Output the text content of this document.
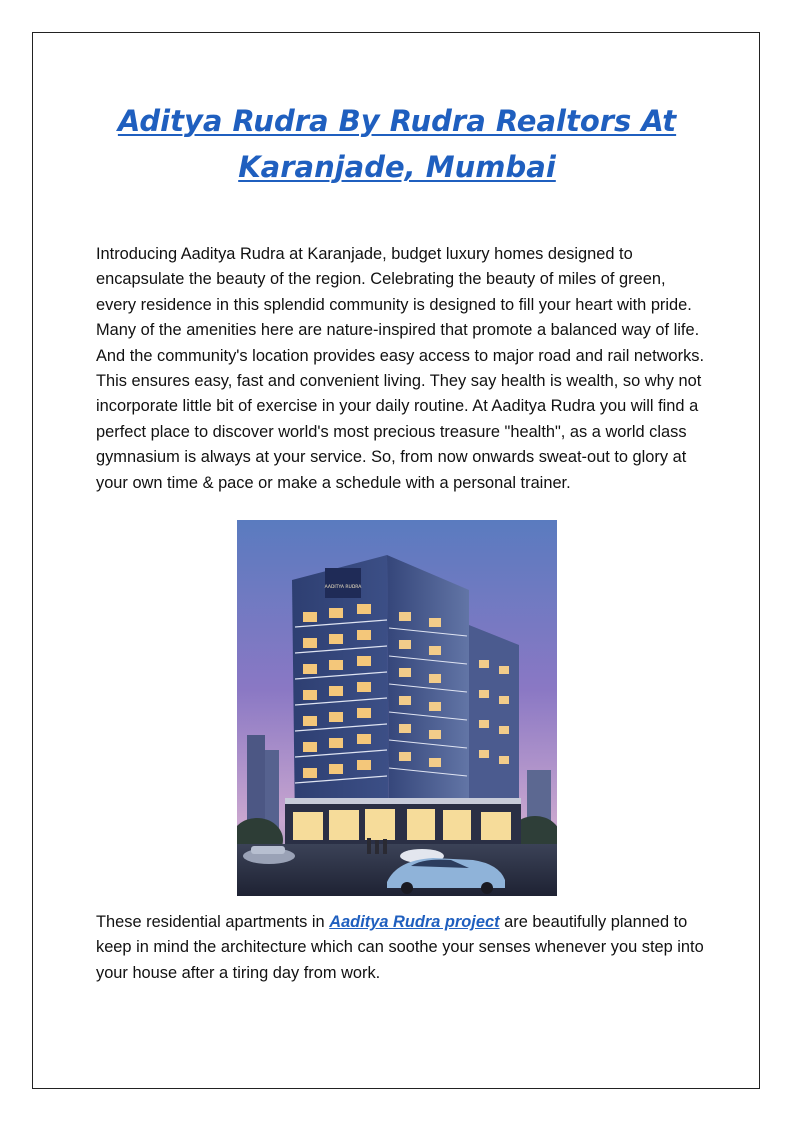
Aditya Rudra By Rudra Realtors At Karanjade, Mumbai

Introducing Aaditya Rudra at Karanjade, budget luxury homes designed to encapsulate the beauty of the region. Celebrating the beauty of miles of green, every residence in this splendid community is designed to fill your heart with pride. Many of the amenities here are nature-inspired that promote a balanced way of life. And the community's location provides easy access to major road and rail networks. This ensures easy, fast and convenient living. They say health is wealth, so why not incorporate little bit of exercise in your daily routine. At Aaditya Rudra you will find a perfect place to discover world's most precious treasure "health", as a world class gymnasium is always at your service. So, from now onwards sweat-out to glory at your own time & pace or make a schedule with a personal trainer.

AADITYA RUDRA

These residential apartments in Aaditya Rudra project are beautifully planned to keep in mind the architecture which can soothe your senses whenever you step into your house after a tiring day from work.
